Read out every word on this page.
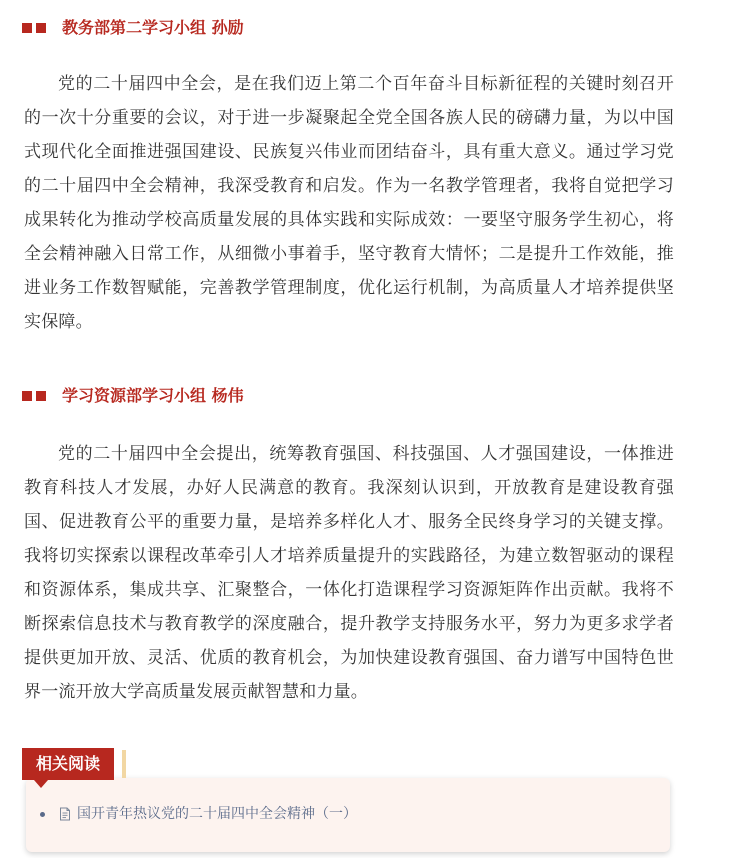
教务部第二学习小组 孙励

党的二十届四中全会，是在我们迈上第二个百年奋斗目标新征程的关键时刻召开的一次十分重要的会议，对于进一步凝聚起全党全国各族人民的磅礴力量，为以中国式现代化全面推进强国建设、民族复兴伟业而团结奋斗，具有重大意义。通过学习党的二十届四中全会精神，我深受教育和启发。作为一名教学管理者，我将自觉把学习成果转化为推动学校高质量发展的具体实践和实际成效：一要坚守服务学生初心，将全会精神融入日常工作，从细微小事着手，坚守教育大情怀；二是提升工作效能，推进业务工作数智赋能，完善教学管理制度，优化运行机制，为高质量人才培养提供坚实保障。

学习资源部学习小组 杨伟

党的二十届四中全会提出，统筹教育强国、科技强国、人才强国建设，一体推进教育科技人才发展，办好人民满意的教育。我深刻认识到，开放教育是建设教育强国、促进教育公平的重要力量，是培养多样化人才、服务全民终身学习的关键支撑。我将切实探索以课程改革牵引人才培养质量提升的实践路径，为建立数智驱动的课程和资源体系，集成共享、汇聚整合，一体化打造课程学习资源矩阵作出贡献。我将不断探索信息技术与教育教学的深度融合，提升教学支持服务水平，努力为更多求学者提供更加开放、灵活、优质的教育机会，为加快建设教育强国、奋力谱写中国特色世界一流开放大学高质量发展贡献智慧和力量。

相关阅读
国开青年热议党的二十届四中全会精神（一）
